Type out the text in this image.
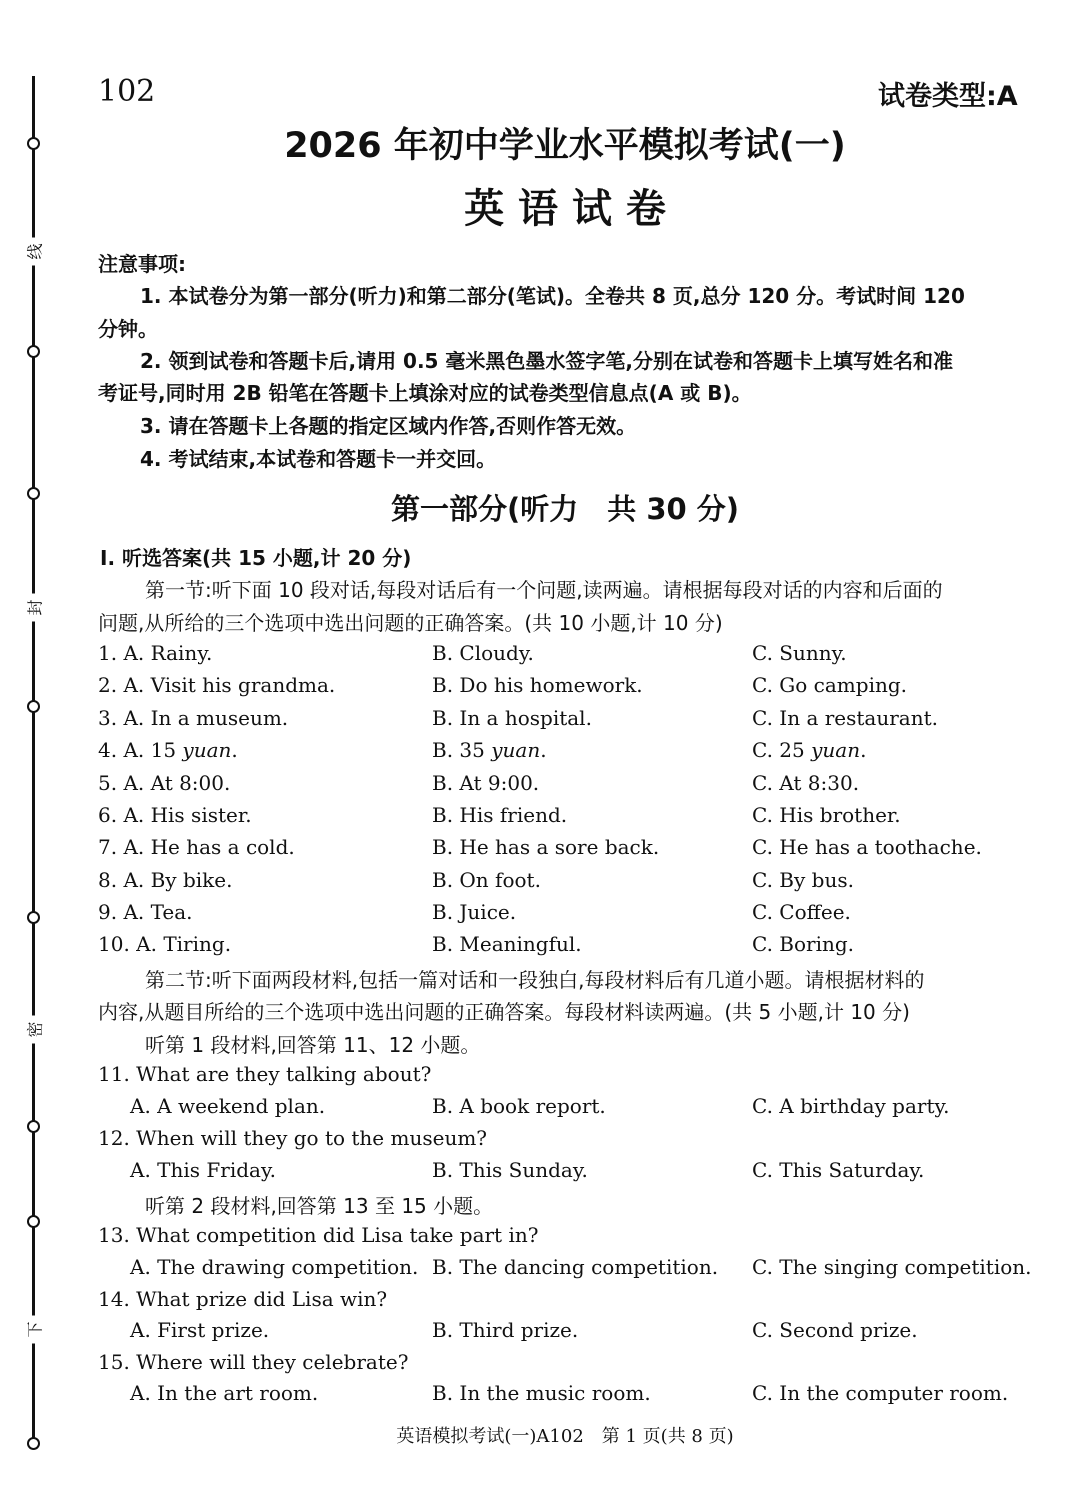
线
封
密
下
102	试卷类型:A
2026 年初中学业水平模拟考试(一)
英 语 试 卷
注意事项:
1. 本试卷分为第一部分(听力)和第二部分(笔试)。全卷共 8 页,总分 120 分。考试时间 120
分钟。
2. 领到试卷和答题卡后,请用 0.5 毫米黑色墨水签字笔,分别在试卷和答题卡上填写姓名和准
考证号,同时用 2B 铅笔在答题卡上填涂对应的试卷类型信息点(A 或 B)。
3. 请在答题卡上各题的指定区域内作答,否则作答无效。
4. 考试结束,本试卷和答题卡一并交回。
第一部分(听力　共 30 分)
Ⅰ. 听选答案(共 15 小题,计 20 分)
第一节:听下面 10 段对话,每段对话后有一个问题,读两遍。请根据每段对话的内容和后面的
问题,从所给的三个选项中选出问题的正确答案。(共 10 小题,计 10 分)
1. A. Rainy.	B. Cloudy.	C. Sunny.
2. A. Visit his grandma.	B. Do his homework.	C. Go camping.
3. A. In a museum.	B. In a hospital.	C. In a restaurant.
4. A. 15 yuan.	B. 35 yuan.	C. 25 yuan.
5. A. At 8:00.	B. At 9:00.	C. At 8:30.
6. A. His sister.	B. His friend.	C. His brother.
7. A. He has a cold.	B. He has a sore back.	C. He has a toothache.
8. A. By bike.	B. On foot.	C. By bus.
9. A. Tea.	B. Juice.	C. Coffee.
10. A. Tiring.	B. Meaningful.	C. Boring.
第二节:听下面两段材料,包括一篇对话和一段独白,每段材料后有几道小题。请根据材料的
内容,从题目所给的三个选项中选出问题的正确答案。每段材料读两遍。(共 5 小题,计 10 分)
听第 1 段材料,回答第 11、12 小题。
11. What are they talking about?
A. A weekend plan.	B. A book report.	C. A birthday party.
12. When will they go to the museum?
A. This Friday.	B. This Sunday.	C. This Saturday.
听第 2 段材料,回答第 13 至 15 小题。
13. What competition did Lisa take part in?
A. The drawing competition. B. The dancing competition. C. The singing competition.
14. What prize did Lisa win?
A. First prize.	B. Third prize.	C. Second prize.
15. Where will they celebrate?
A. In the art room.	B. In the music room.	C. In the computer room.
英语模拟考试(一)A102　第 1 页(共 8 页)
